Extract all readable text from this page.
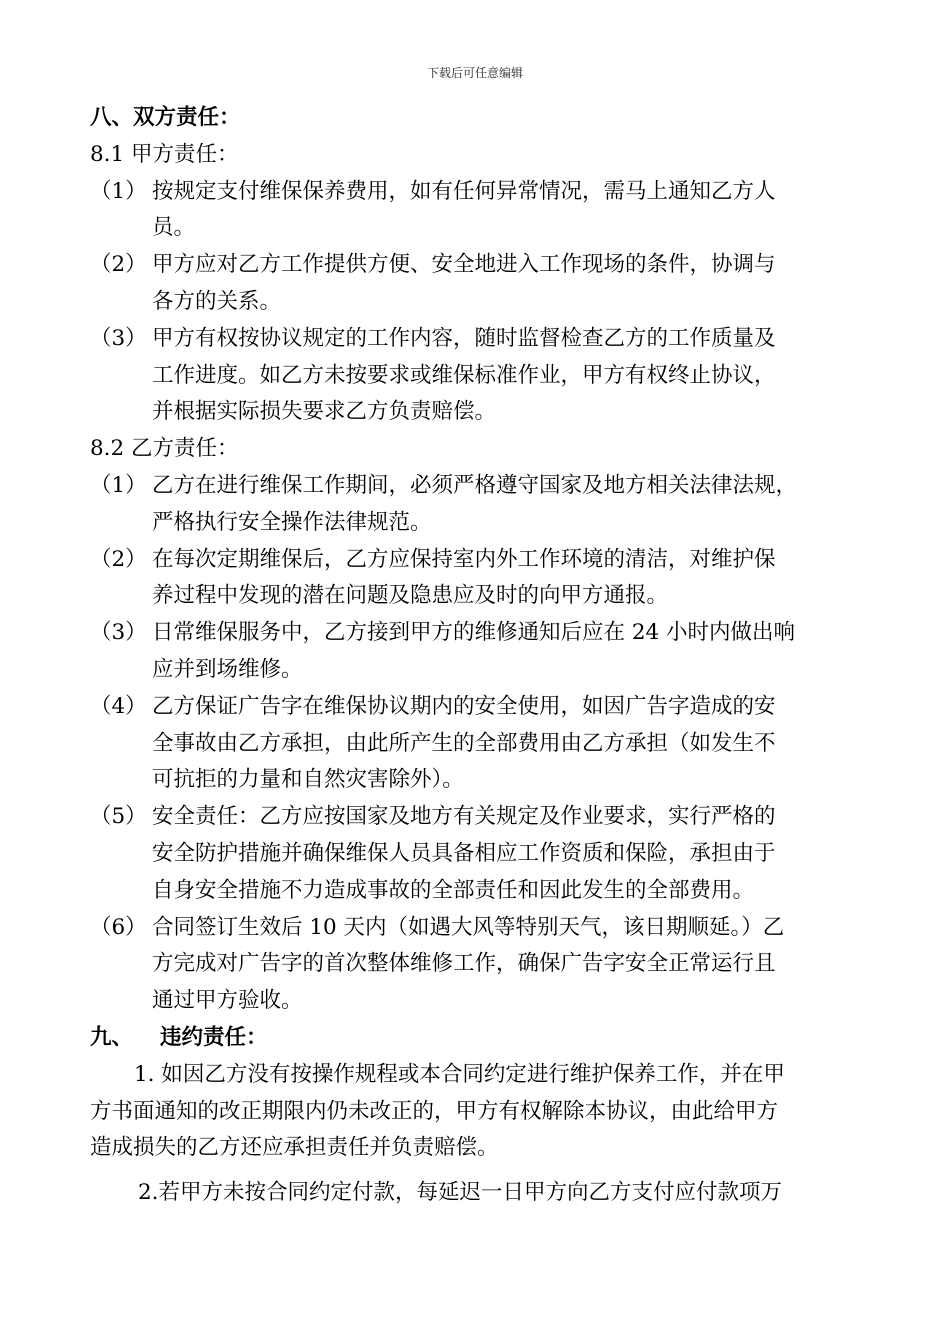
下载后可任意编辑
八、双方责任：
8.1 甲方责任：
（1） 按规定支付维保保养费用，如有任何异常情况，需马上通知乙方人
员。
（2） 甲方应对乙方工作提供方便、安全地进入工作现场的条件，协调与
各方的关系。
（3） 甲方有权按协议规定的工作内容，随时监督检查乙方的工作质量及
工作进度。如乙方未按要求或维保标准作业，甲方有权终止协议，
并根据实际损失要求乙方负责赔偿。
8.2 乙方责任：
（1） 乙方在进行维保工作期间，必须严格遵守国家及地方相关法律法规，
严格执行安全操作法律规范。
（2） 在每次定期维保后，乙方应保持室内外工作环境的清洁，对维护保
养过程中发现的潜在问题及隐患应及时的向甲方通报。
（3） 日常维保服务中，乙方接到甲方的维修通知后应在 24 小时内做出响
应并到场维修。
（4） 乙方保证广告字在维保协议期内的安全使用，如因广告字造成的安
全事故由乙方承担，由此所产生的全部费用由乙方承担（如发生不
可抗拒的力量和自然灾害除外）。
（5） 安全责任：乙方应按国家及地方有关规定及作业要求，实行严格的
安全防护措施并确保维保人员具备相应工作资质和保险，承担由于
自身安全措施不力造成事故的全部责任和因此发生的全部费用。
（6） 合同签订生效后 10 天内（如遇大风等特别天气，该日期顺延。）乙
方完成对广告字的首次整体维修工作，确保广告字安全正常运行且
通过甲方验收。
九、 违约责任：
1. 如因乙方没有按操作规程或本合同约定进行维护保养工作，并在甲
方书面通知的改正期限内仍未改正的，甲方有权解除本协议，由此给甲方
造成损失的乙方还应承担责任并负责赔偿。
2.若甲方未按合同约定付款，每延迟一日甲方向乙方支付应付款项万
